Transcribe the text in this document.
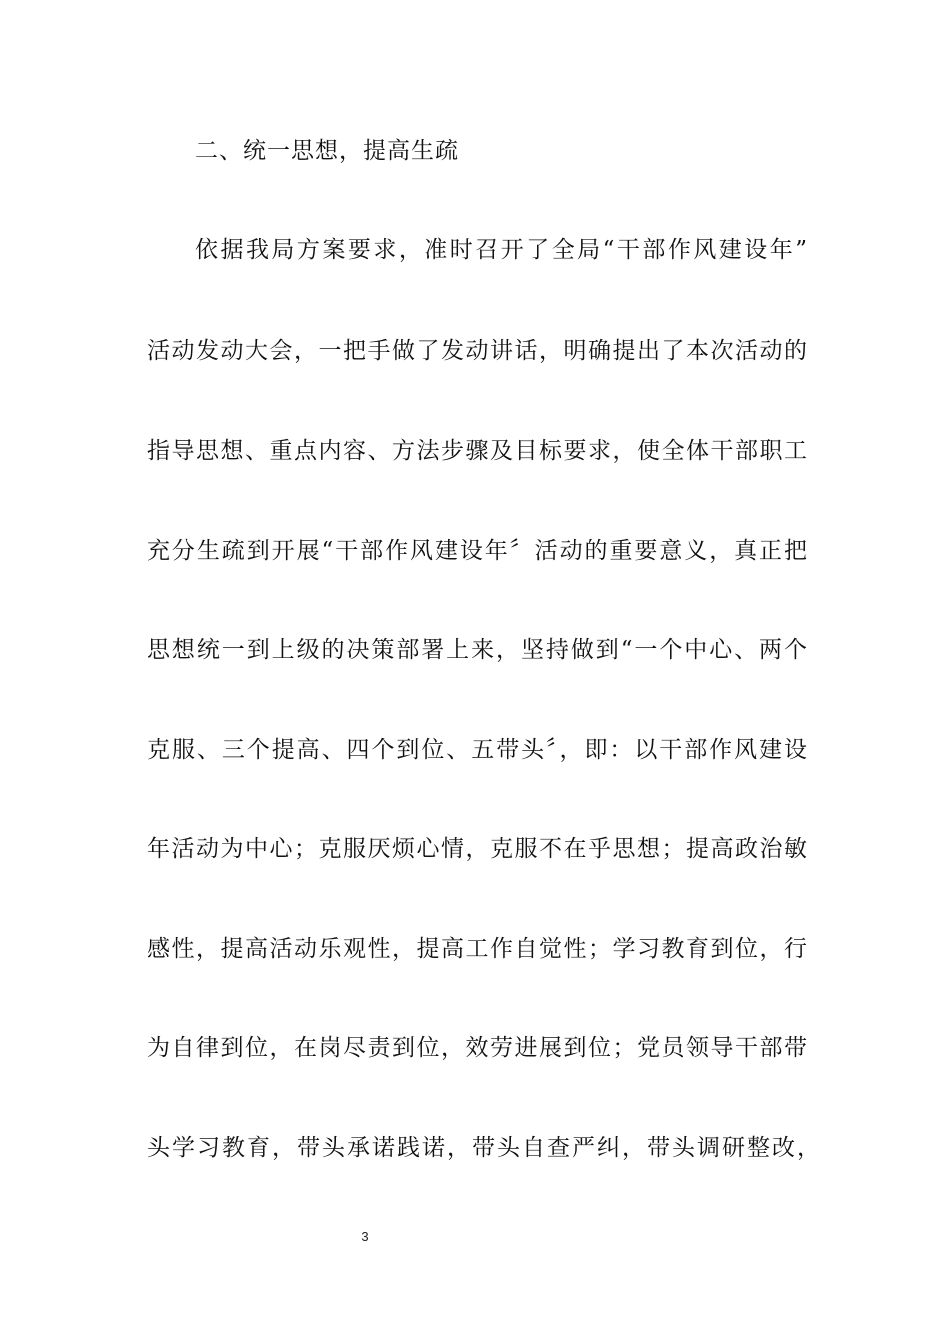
二、统一思想，提高生疏
依据我局方案要求，准时召开了全局“干部作风建设年”
活动发动大会，一把手做了发动讲话，明确提出了本次活动的
指导思想、重点内容、方法步骤及目标要求，使全体干部职工
充分生疏到开展“干部作风建设年〞活动的重要意义，真正把
思想统一到上级的决策部署上来，坚持做到“一个中心、两个
克服、三个提高、四个到位、五带头〞，即：以干部作风建设
年活动为中心；克服厌烦心情，克服不在乎思想；提高政治敏
感性，提高活动乐观性，提高工作自觉性；学习教育到位，行
为自律到位，在岗尽责到位，效劳进展到位；党员领导干部带
头学习教育，带头承诺践诺，带头自查严纠，带头调研整改，
3
